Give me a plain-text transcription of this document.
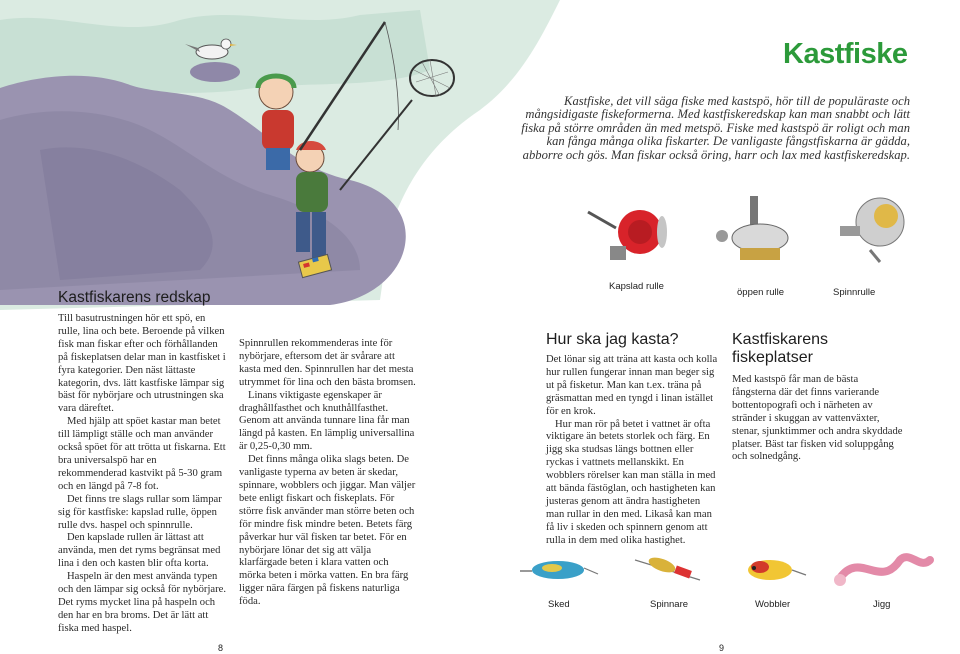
Kastfiske
Kastfiske, det vill säga fiske med kastspö, hör till de populäraste och mångsidigaste fiskeformerna. Med kastfiskeredskap kan man snabbt och lätt fiska på större områden än med metspö. Fiske med kastspö är roligt och man kan fånga många olika fiskarter. De vanligaste fångstfiskarna är gädda, abborre och gös. Man fiskar också öring, harr och lax med kastfiskeredskap.
Kapslad rulle
öppen rulle	Spinnrulle
Kastfiskarens redskap

Till basutrustningen hör ett spö, en rulle, lina och bete. Beroende på vilken fisk man fiskar efter och förhållanden på fiskeplatsen delar man in kastfisket i fyra kategorier. Den näst lättaste kategorin, dvs. lätt kastfiske lämpar sig bäst för nybörjare och utrustningen ska vara däreftet.

Med hjälp att spöet kastar man betet till lämpligt ställe och man använder också spöet för att trötta ut fiskarna. Ett bra universalspö har en rekommenderad kastvikt på 5-30 gram och en längd på 7-8 fot.

Det finns tre slags rullar som lämpar sig för kastfiske: kapslad rulle, öppen rulle dvs. haspel och spinnrulle.

Den kapslade rullen är lättast att använda, men det ryms begränsat med lina i den och kasten blir ofta korta.

Haspeln är den mest använda typen och den lämpar sig också för nybörjare. Det ryms mycket lina på haspeln och den har en bra broms. Det är lätt att fiska med haspel.

Spinnrullen rekommenderas inte för nybörjare, eftersom det är svårare att kasta med den. Spinnrullen har det mesta utrymmet för lina och den bästa bromsen.

Linans viktigaste egenskaper är draghållfasthet och knuthållfasthet. Genom att använda tunnare lina får man längd på kasten. En lämplig universallina är 0,25-0,30 mm.

Det finns många olika slags beten. De vanligaste typerna av beten är skedar, spinnare, wobblers och jiggar. Man väljer bete enligt fiskart och fiskeplats. För större fisk använder man större beten och för mindre fisk mindre beten. Betets färg påverkar hur väl fisken tar betet. För en nybörjare lönar det sig att välja klarfärgade beten i klara vatten och mörka beten i mörka vatten. En bra färg ligger nära färgen på fiskens naturliga föda.

Hur ska jag kasta?

Det lönar sig att träna att kasta och kolla hur rullen fungerar innan man beger sig ut på fisketur. Man kan t.ex. träna på gräsmattan med en tyngd i linan istället för en krok.

Hur man rör på betet i vattnet är ofta viktigare än betets storlek och färg. En jigg ska studsas längs bottnen eller ryckas i vattnets mellanskikt. En wobblers rörelser kan man ställa in med att bända fästöglan, och hastigheten kan justeras genom att ändra hastigheten man rullar in den med. Likaså kan man få liv i skeden och spinnern genom att rulla in dem med olika hastighet.

Kastfiskarens
fiskeplatser

Med kastspö får man de bästa fångsterna där det finns varierande bottentopografi och i närheten av stränder i skuggan av vattenväxter, stenar, sjunktimmer och andra skyddade platser. Bäst tar fisken vid soluppgång och solnedgång.

Sked	Spinnare	Wobbler	Jigg
8	9
